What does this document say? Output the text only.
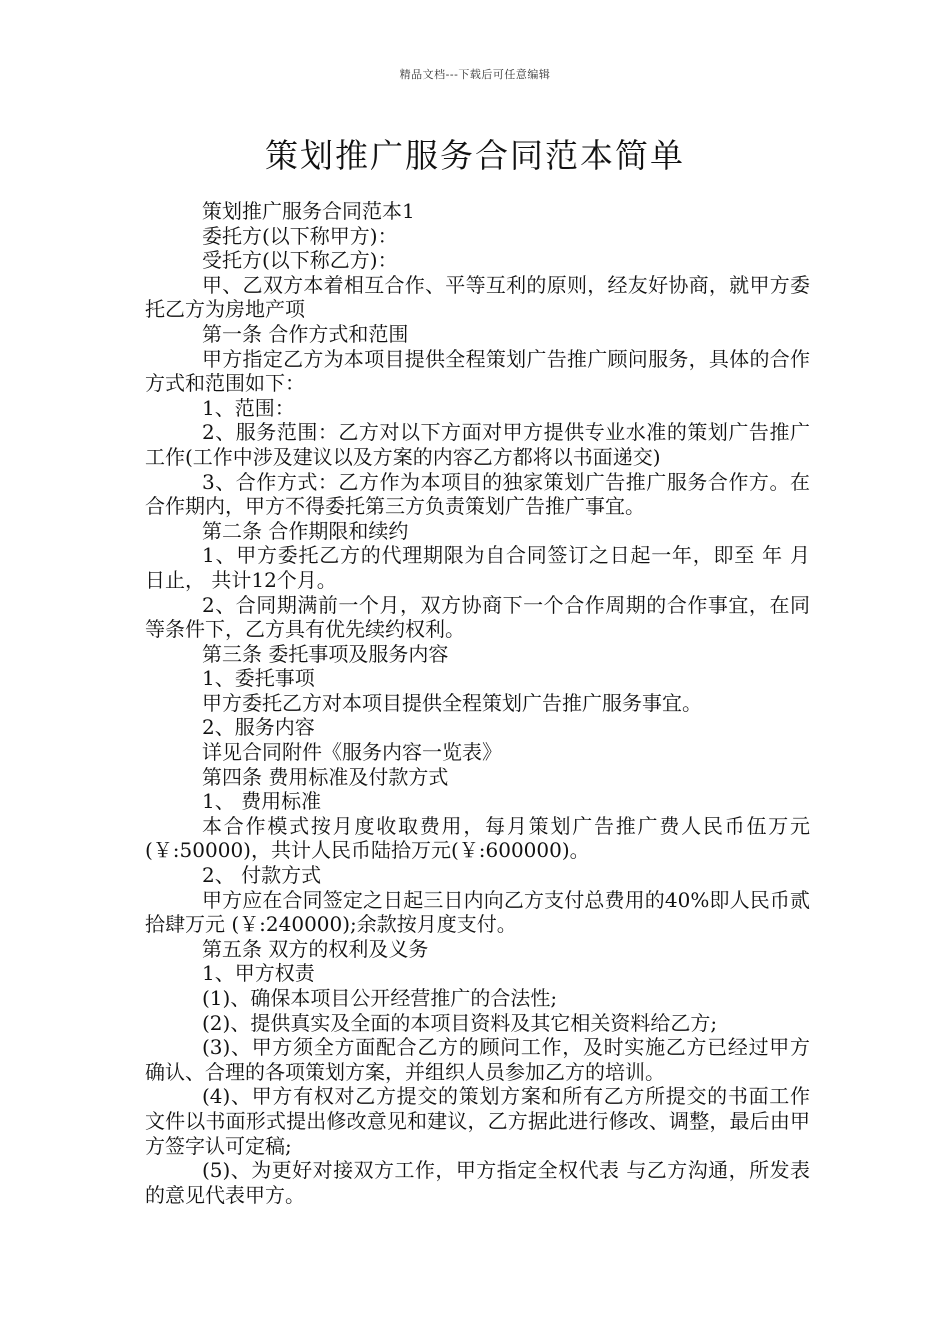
精品文档---下载后可任意编辑
策划推广服务合同范本简单

策划推广服务合同范本1

委托方(以下称甲方)：

受托方(以下称乙方)：

甲、乙双方本着相互合作、平等互利的原则，经友好协商，就甲方委托乙方为房地产项

第一条 合作方式和范围

甲方指定乙方为本项目提供全程策划广告推广顾问服务，具体的合作方式和范围如下：

1、范围：

2、服务范围：乙方对以下方面对甲方提供专业水准的策划广告推广工作(工作中涉及建议以及方案的内容乙方都将以书面递交)

3、合作方式：乙方作为本项目的独家策划广告推广服务合作方。在合作期内，甲方不得委托第三方负责策划广告推广事宜。

第二条 合作期限和续约

1、甲方委托乙方的代理期限为自合同签订之日起一年，即至 年 月 日止， 共计12个月。

2、合同期满前一个月，双方协商下一个合作周期的合作事宜，在同等条件下，乙方具有优先续约权利。

第三条 委托事项及服务内容

1、委托事项

甲方委托乙方对本项目提供全程策划广告推广服务事宜。

2、服务内容

详见合同附件《服务内容一览表》

第四条 费用标准及付款方式

1、 费用标准

本合作模式按月度收取费用，每月策划广告推广费人民币伍万元(￥:50000)，共计人民币陆拾万元(￥:600000)。

2、 付款方式

甲方应在合同签定之日起三日内向乙方支付总费用的40%即人民币贰拾肆万元 (￥:240000);余款按月度支付。

第五条 双方的权利及义务

1、甲方权责

(1)、确保本项目公开经营推广的合法性;

(2)、提供真实及全面的本项目资料及其它相关资料给乙方;

(3)、甲方须全方面配合乙方的顾问工作，及时实施乙方已经过甲方确认、合理的各项策划方案，并组织人员参加乙方的培训。

(4)、甲方有权对乙方提交的策划方案和所有乙方所提交的书面工作文件以书面形式提出修改意见和建议，乙方据此进行修改、调整，最后由甲方签字认可定稿;

(5)、为更好对接双方工作，甲方指定全权代表 与乙方沟通，所发表的意见代表甲方。
